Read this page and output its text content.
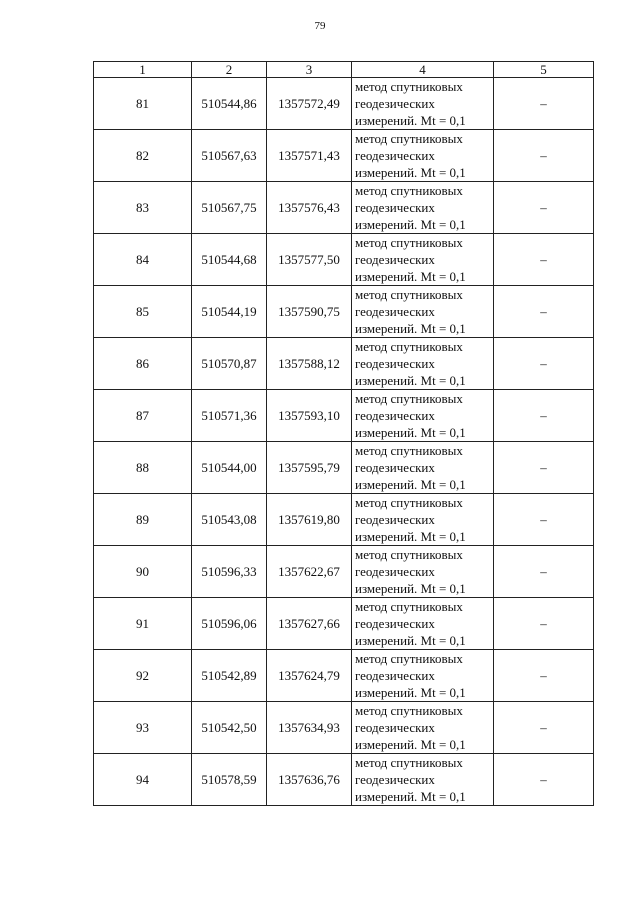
79
1	2	3	4	5
81	510544,86	1357572,49	метод спутниковых
геодезических
измерений. Mt = 0,1	–
82	510567,63	1357571,43	метод спутниковых
геодезических
измерений. Mt = 0,1	–
83	510567,75	1357576,43	метод спутниковых
геодезических
измерений. Mt = 0,1	–
84	510544,68	1357577,50	метод спутниковых
геодезических
измерений. Mt = 0,1	–
85	510544,19	1357590,75	метод спутниковых
геодезических
измерений. Mt = 0,1	–
86	510570,87	1357588,12	метод спутниковых
геодезических
измерений. Mt = 0,1	–
87	510571,36	1357593,10	метод спутниковых
геодезических
измерений. Mt = 0,1	–
88	510544,00	1357595,79	метод спутниковых
геодезических
измерений. Mt = 0,1	–
89	510543,08	1357619,80	метод спутниковых
геодезических
измерений. Mt = 0,1	–
90	510596,33	1357622,67	метод спутниковых
геодезических
измерений. Mt = 0,1	–
91	510596,06	1357627,66	метод спутниковых
геодезических
измерений. Mt = 0,1	–
92	510542,89	1357624,79	метод спутниковых
геодезических
измерений. Mt = 0,1	–
93	510542,50	1357634,93	метод спутниковых
геодезических
измерений. Mt = 0,1	–
94	510578,59	1357636,76	метод спутниковых
геодезических
измерений. Mt = 0,1	–
